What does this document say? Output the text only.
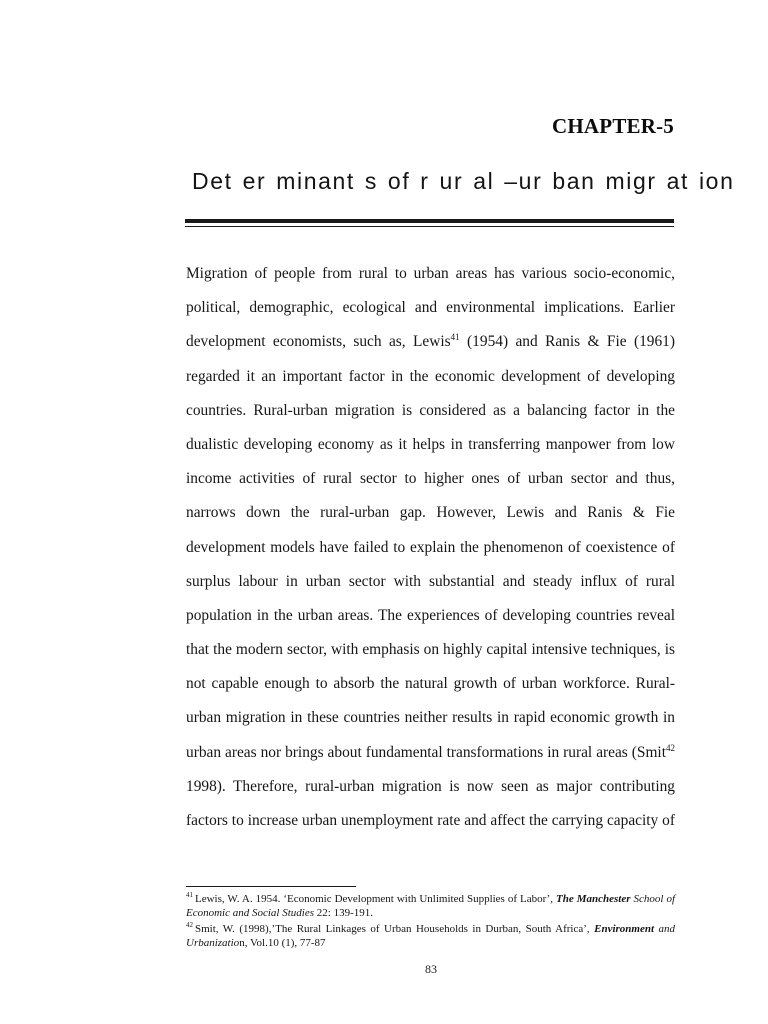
CHAPTER-5
Det er minant s of r ur al –ur ban migr at ion
Migration of people from rural to urban areas has various socio-economic,
political, demographic, ecological and environmental implications. Earlier
development economists, such as, Lewis$^{41}$ (1954) and Ranis & Fie (1961)
regarded it an important factor in the economic development of developing
countries. Rural-urban migration is considered as a balancing factor in the
dualistic developing economy as it helps in transferring manpower from low
income activities of rural sector to higher ones of urban sector and thus,
narrows down the rural-urban gap. However, Lewis and Ranis & Fie
development models have failed to explain the phenomenon of coexistence of
surplus labour in urban sector with substantial and steady influx of rural
population in the urban areas. The experiences of developing countries reveal
that the modern sector, with emphasis on highly capital intensive techniques, is
not capable enough to absorb the natural growth of urban workforce. Rural-
urban migration in these countries neither results in rapid economic growth in
urban areas nor brings about fundamental transformations in rural areas (Smit$^{42}$
1998). Therefore, rural-urban migration is now seen as major contributing
factors to increase urban unemployment rate and affect the carrying capacity of

$^{41}$ Lewis, W. A. 1954. ‘Economic Development with Unlimited Supplies of Labor’, The Manchester School of Economic and Social Studies 22: 139-191.

$^{42}$ Smit, W. (1998),’The Rural Linkages of Urban Households in Durban, South Africa’, Environment and Urbanization, Vol.10 (1), 77-87

83
